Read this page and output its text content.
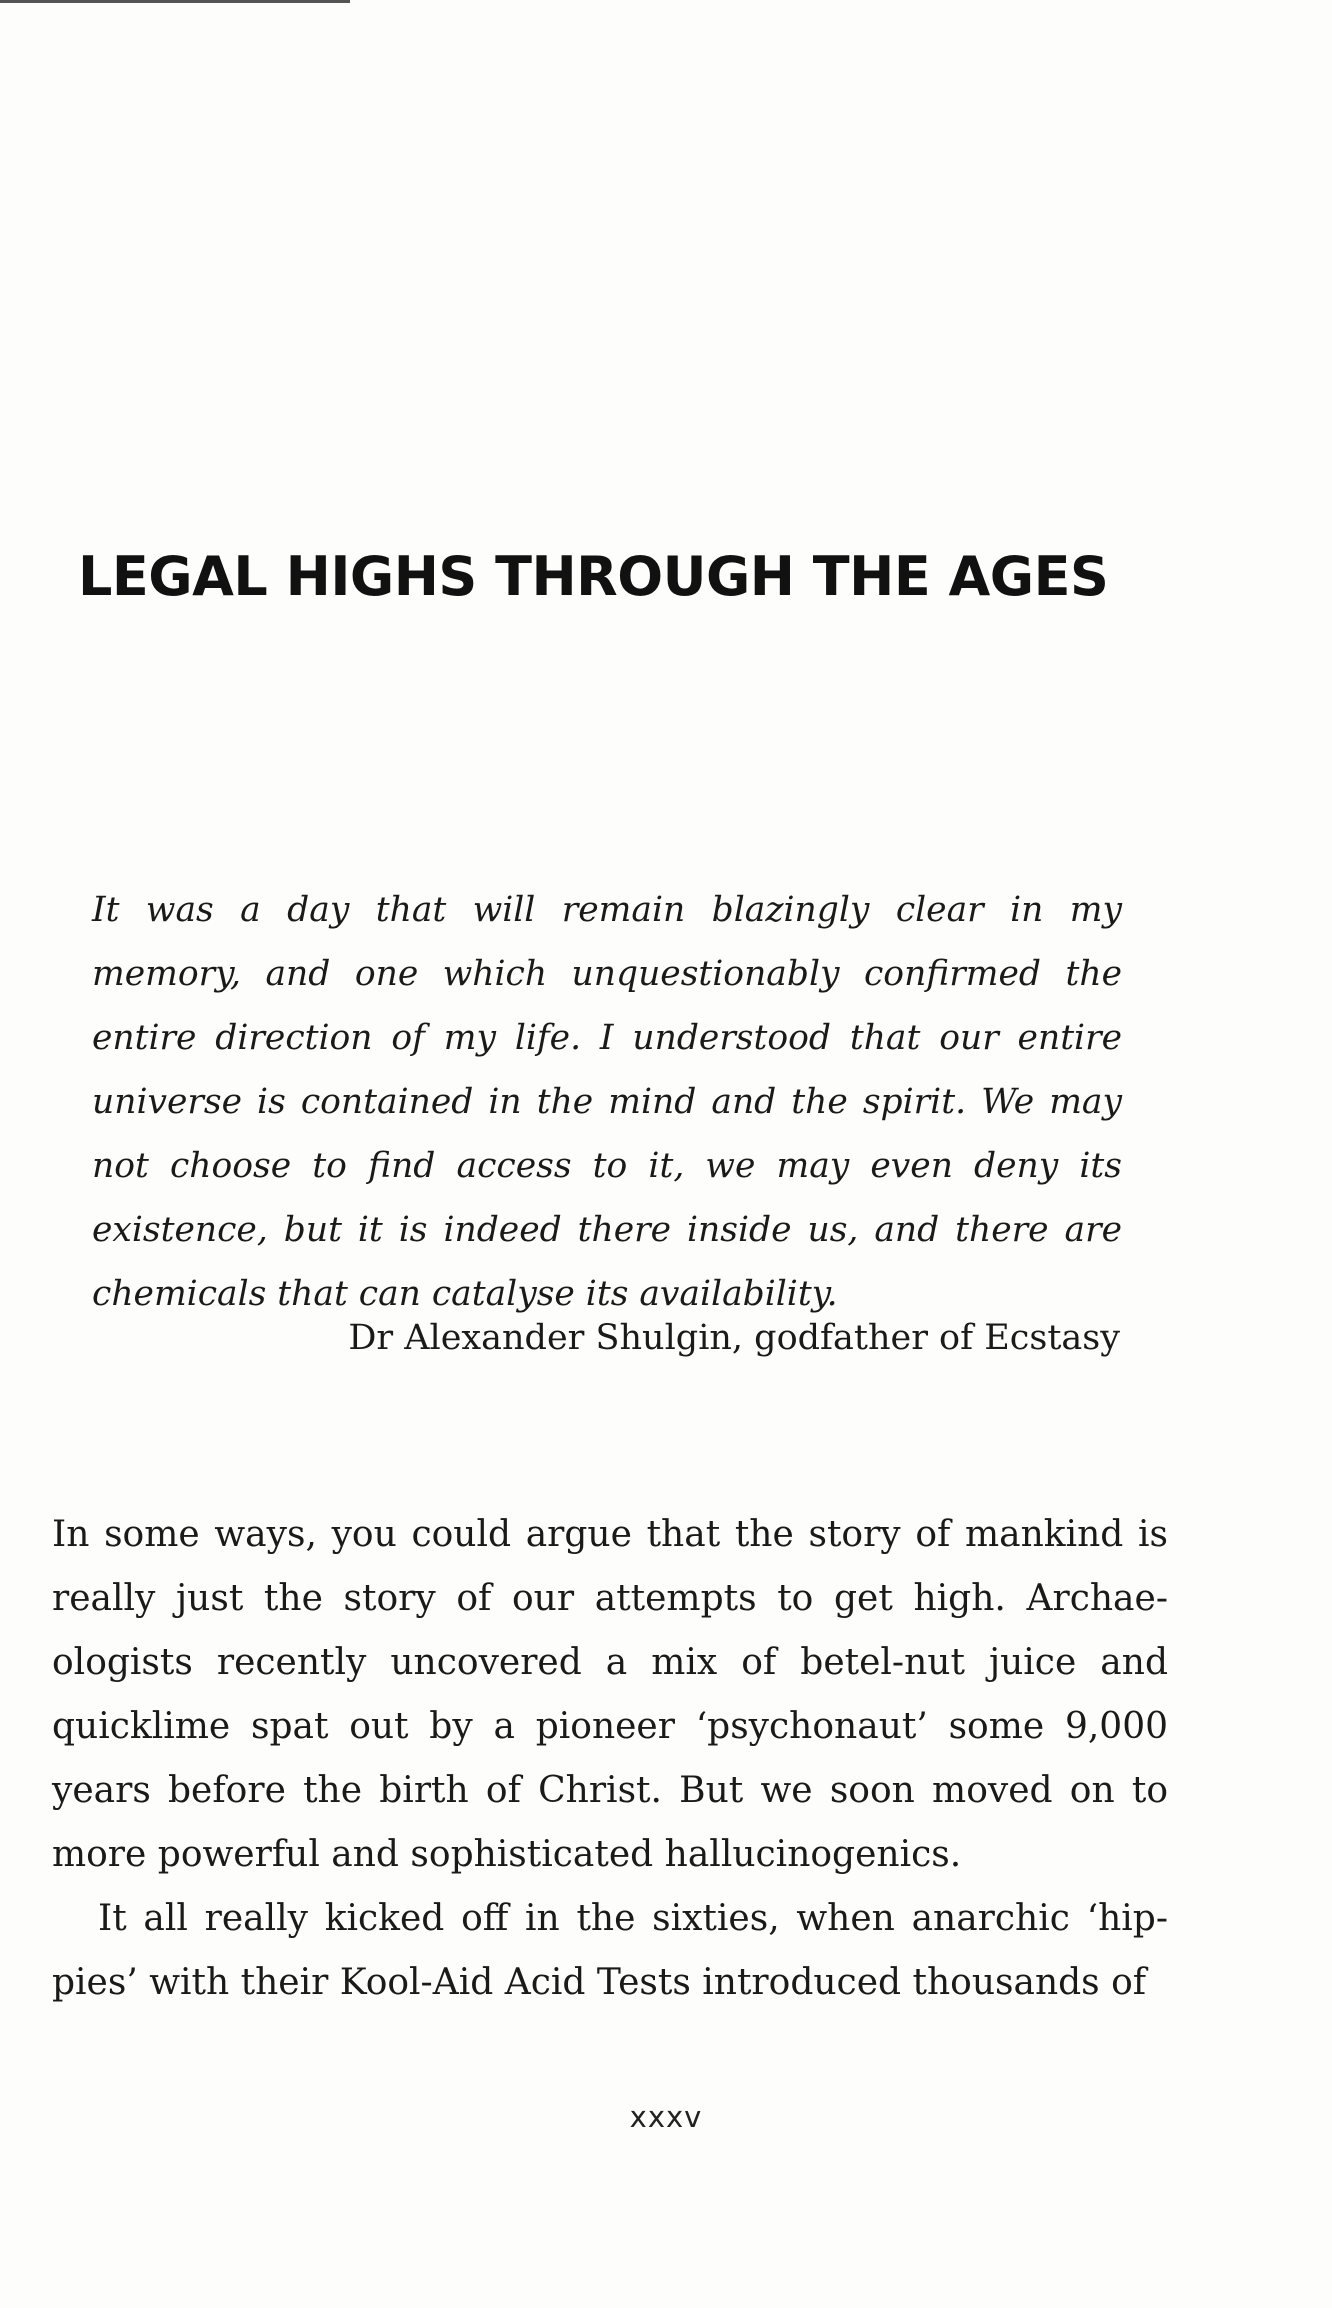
LEGAL HIGHS THROUGH THE AGES

It was a day that will remain blazingly clear in my memory, and one which unquestionably confirmed the entire direction of my life. I understood that our entire universe is contained in the mind and the spirit. We may not choose to find access to it, we may even deny its existence, but it is indeed there inside us, and there are chemicals that can catalyse its availability.

Dr Alexander Shulgin, godfather of Ecstasy

In some ways, you could argue that the story of mankind is really just the story of our attempts to get high. Archaeologists recently uncovered a mix of betel-nut juice and quicklime spat out by a pioneer ‘psychonaut’ some 9,000 years before the birth of Christ. But we soon moved on to more powerful and sophisticated hallucinogenics.

It all really kicked off in the sixties, when anarchic ‘hippies’ with their Kool-Aid Acid Tests introduced thousands of

xxxv
